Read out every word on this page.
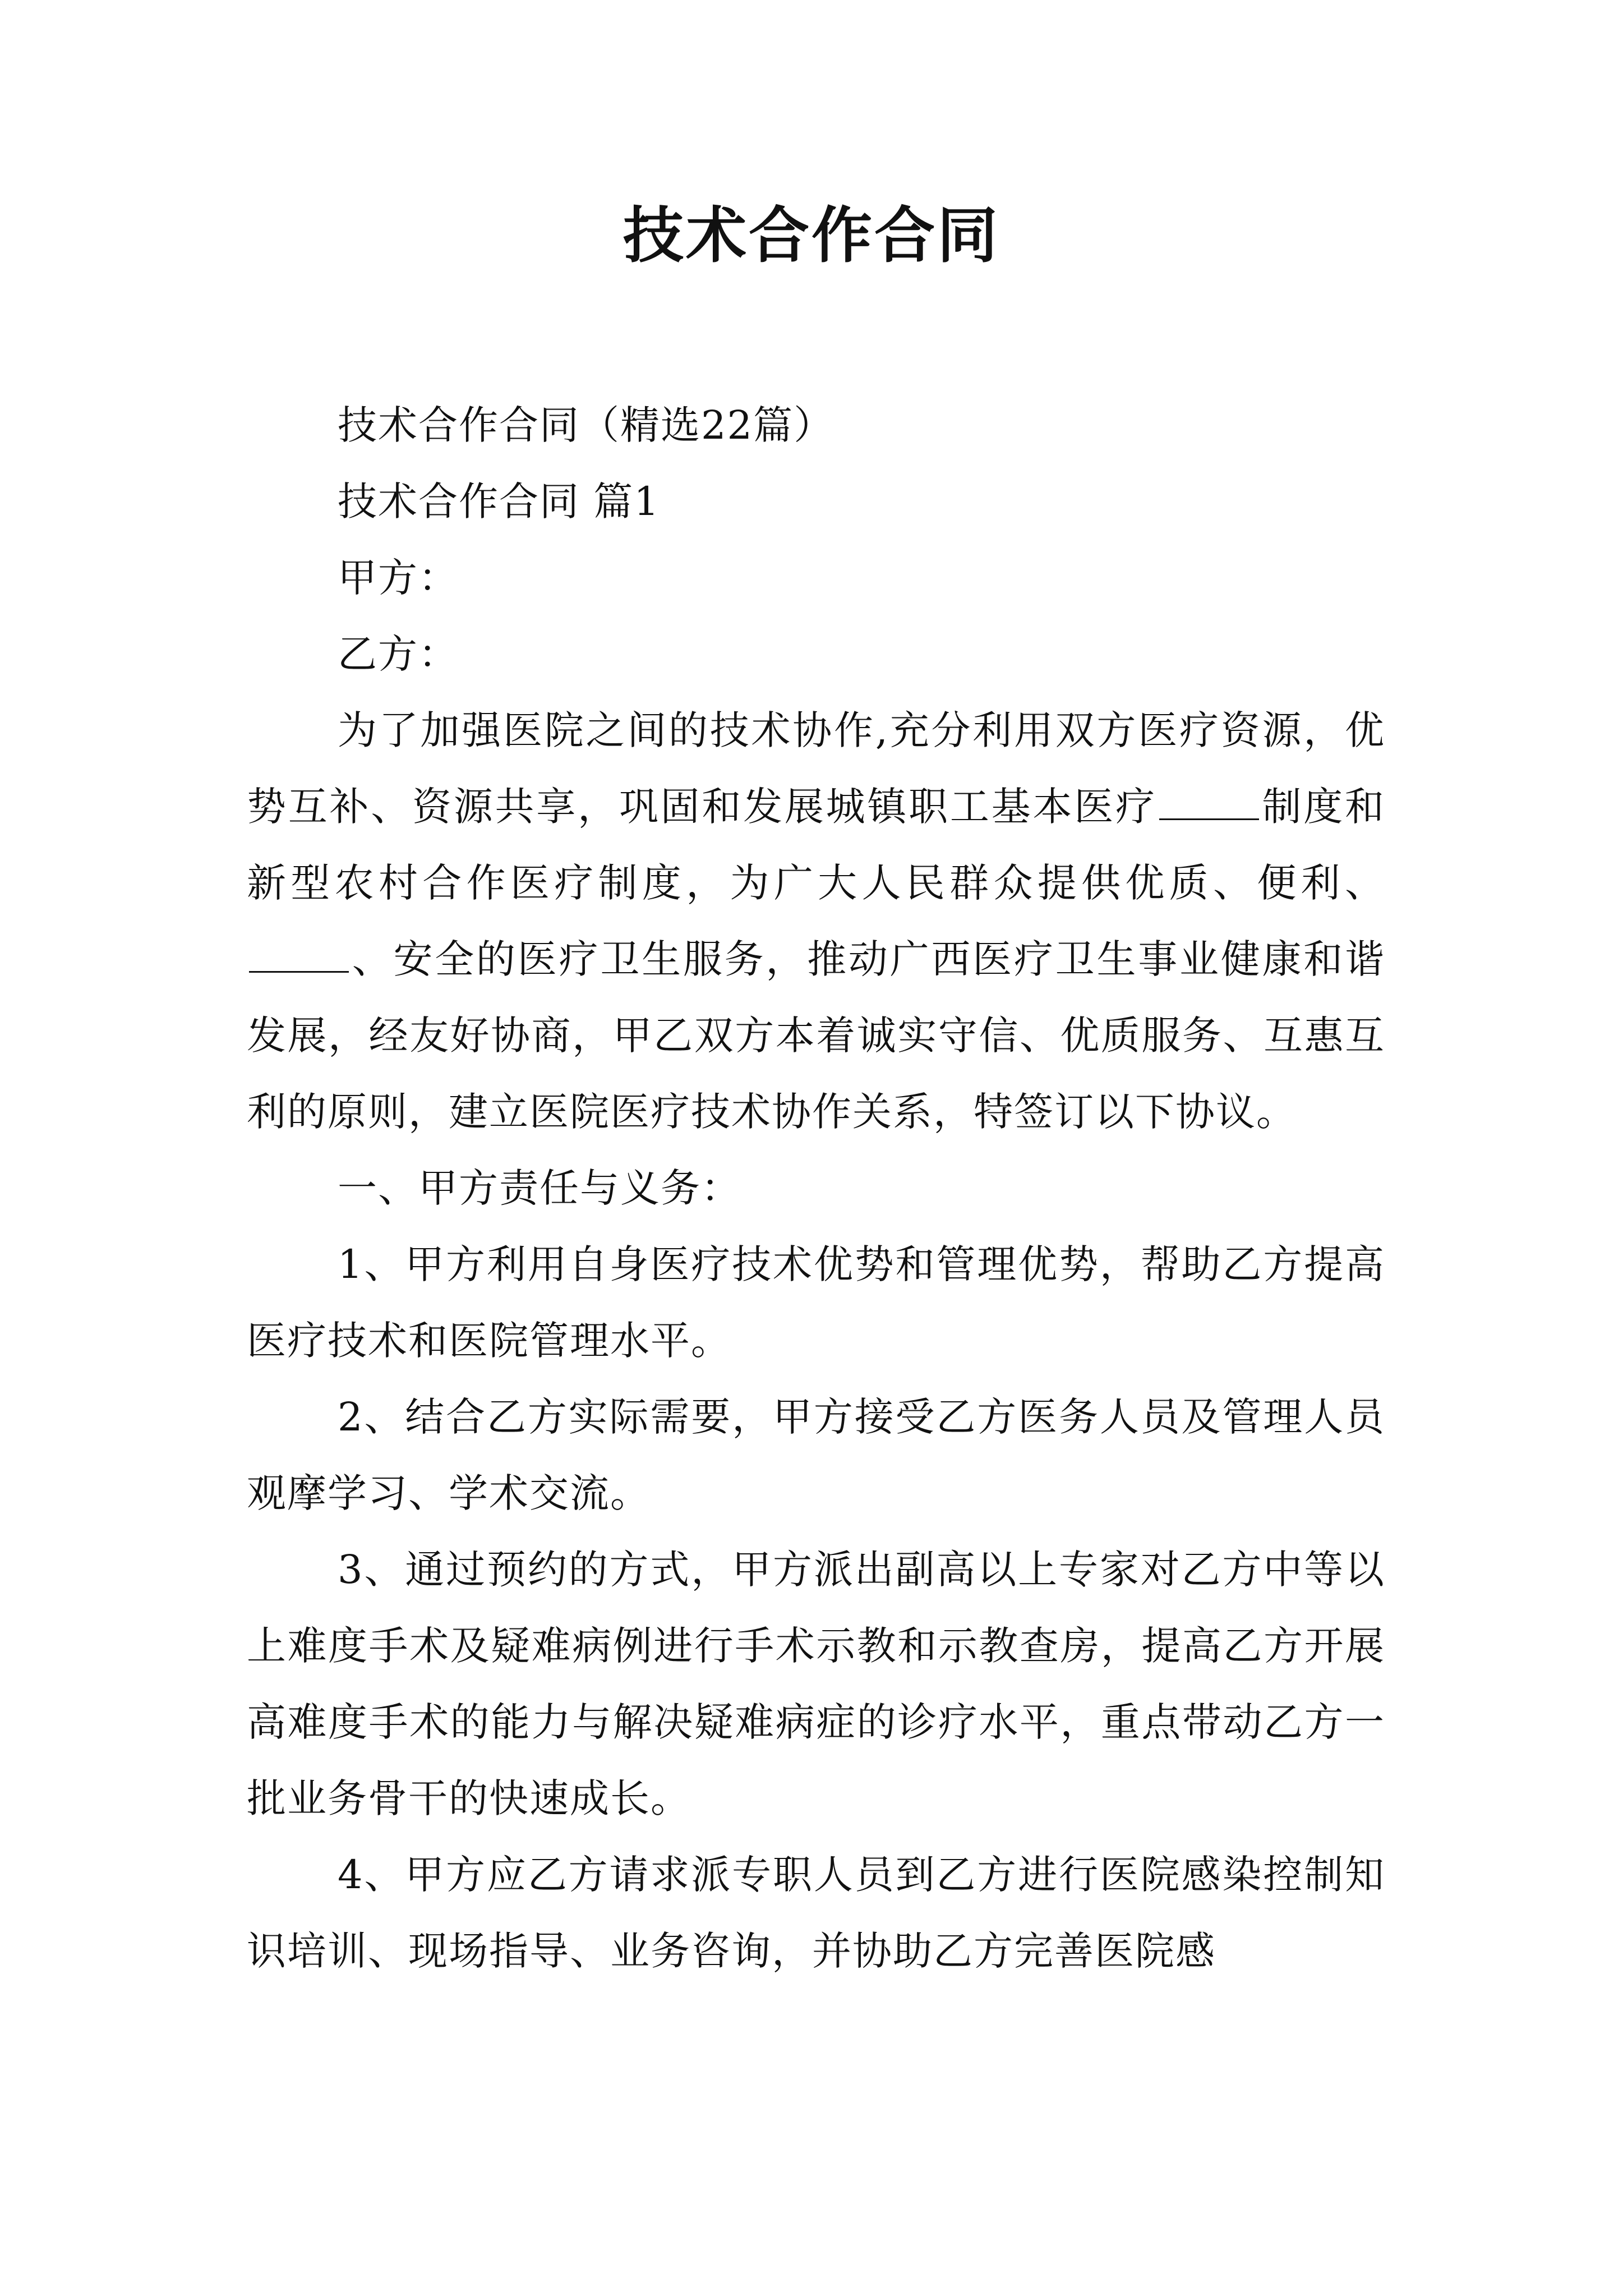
技术合作合同

技术合作合同（精选22篇）

技术合作合同 篇1

甲方：

乙方：

为了加强医院之间的技术协作,充分利用双方医疗资源，优势互补、资源共享，巩固和发展城镇职工基本医疗	制度和新型农村合作医疗制度，为广大人民群众提供优质、便利、、安全的医疗卫生服务，推动广西医疗卫生事业健康和谐发展，经友好协商，甲乙双方本着诚实守信、优质服务、互惠互利的原则，建立医院医疗技术协作关系，特签订以下协议。

一、甲方责任与义务：

1、甲方利用自身医疗技术优势和管理优势，帮助乙方提高医疗技术和医院管理水平。

2、结合乙方实际需要，甲方接受乙方医务人员及管理人员观摩学习、学术交流。

3、通过预约的方式，甲方派出副高以上专家对乙方中等以上难度手术及疑难病例进行手术示教和示教查房，提高乙方开展高难度手术的能力与解决疑难病症的诊疗水平，重点带动乙方一批业务骨干的快速成长。

4、甲方应乙方请求派专职人员到乙方进行医院感染控制知识培训、现场指导、业务咨询，并协助乙方完善医院感
